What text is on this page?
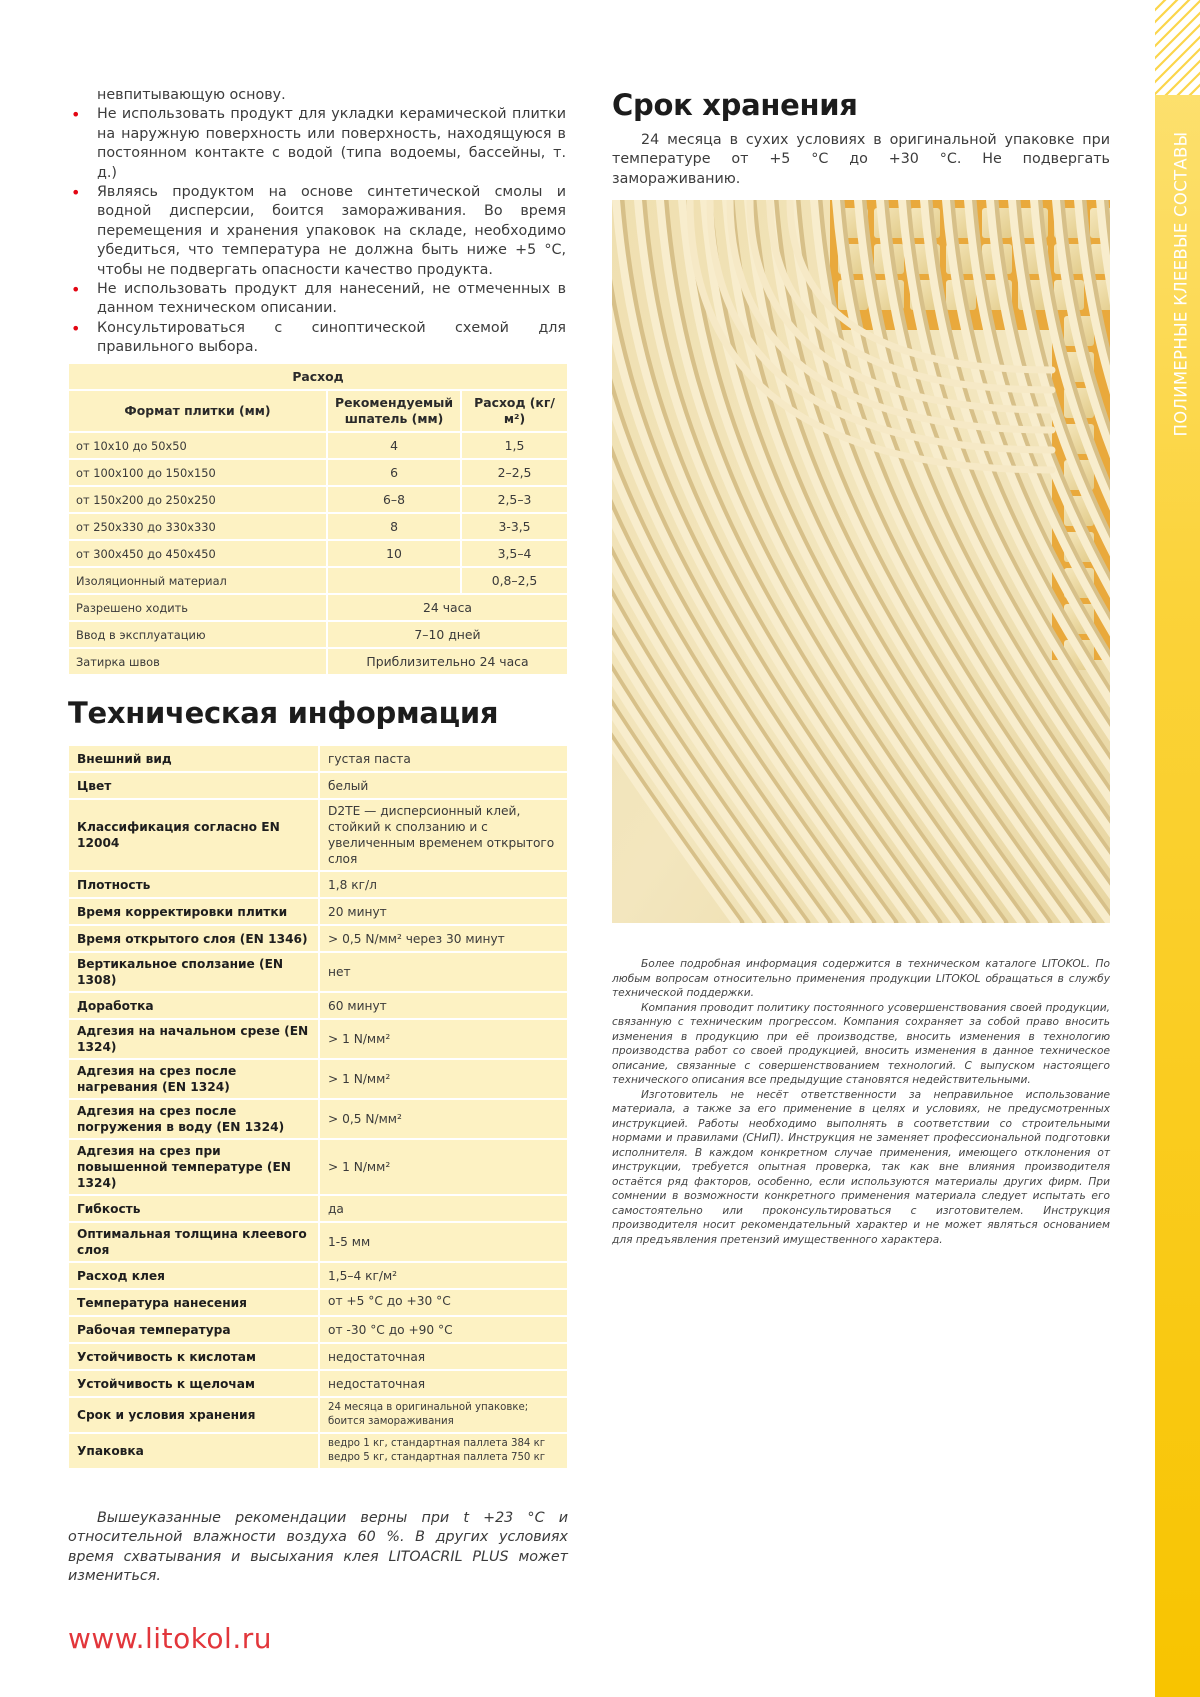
невпитывающую основу.
• Не использовать продукт для укладки керамической плитки на наружную поверхность или поверхность, находящуюся в постоянном контакте с водой (типа водоемы, бассейны, т. д.)
• Являясь продуктом на основе синтетической смолы и водной дисперсии, боится замораживания. Во время перемещения и хранения упаковок на складе, необходимо убедиться, что температура не должна быть ниже +5 °С, чтобы не подвергать опасности качество продукта.
• Не использовать продукт для нанесений, не отмеченных в данном техническом описании.
• Консультироваться с синоптической схемой для правильного выбора.
Расход		
Формат плитки (мм)	Рекомендуемый шпатель (мм)	Расход (кг/м²)
от 10х10 до 50х50	4	1,5
от 100х100 до 150х150	6	2–2,5
от 150х200 до 250х250	6–8	2,5–3
от 250х330 до 330х330	8	3-3,5
от 300х450 до 450х450	10	3,5–4
Изоляционный материал		0,8–2,5
Разрешено ходить	24 часа	
Ввод в эксплуатацию	7–10 дней	
Затирка швов	Приблизительно 24 часа	
Техническая информация
Внешний вид	густая паста
Цвет	белый
Классификация согласно EN 12004	D2TE — дисперсионный клей, стойкий к сползанию и с увеличенным временем открытого слоя
Плотность	1,8 кг/л
Время корректировки плитки	20 минут
Время открытого слоя (EN 1346)	> 0,5 N/мм² через 30 минут
Вертикальное сползание (EN 1308)	нет
Доработка	60 минут
Адгезия на начальном срезе (EN 1324)	> 1 N/мм²
Адгезия на срез после нагревания (EN 1324)	> 1 N/мм²
Адгезия на срез после погружения в воду (EN 1324)	> 0,5 N/мм²
Адгезия на срез при повышенной температуре (EN 1324)	> 1 N/мм²
Гибкость	да
Оптимальная толщина клеевого слоя	1-5 мм
Расход клея	1,5–4 кг/м²
Температура нанесения	от +5 °С до +30 °С
Рабочая температура	от -30 °С до +90 °С
Устойчивость к кислотам	недостаточная
Устойчивость к щелочам	недостаточная
Срок и условия хранения	24 месяца в оригинальной упаковке; боится замораживания
Упаковка	ведро 1 кг, стандартная паллета 384 кг
ведро 5 кг, стандартная паллета 750 кг
Вышеуказанные рекомендации верны при t +23 °С и относительной влажности воздуха 60 %. В других условиях время схватывания и высыхания клея LITOACRIL PLUS может измениться.
www.litokol.ru
Срок хранения
24 месяца в сухих условиях в оригинальной упаковке при температуре от +5 °С до +30 °С. Не подвергать замораживанию.

Более подробная информация содержится в техническом каталоге LITOKOL. По любым вопросам относительно применения продукции LITOKOL обращаться в службу технической поддержки.

Компания проводит политику постоянного усовершенствования своей продукции, связанную с техническим прогрессом. Компания сохраняет за собой право вносить изменения в продукцию при её производстве, вносить изменения в технологию производства работ со своей продукцией, вносить изменения в данное техническое описание, связанные с совершенствованием технологий. С выпуском настоящего технического описания все предыдущие становятся недействительными.

Изготовитель не несёт ответственности за неправильное использование материала, а также за его применение в целях и условиях, не предусмотренных инструкцией. Работы необходимо выполнять в соответствии со строительными нормами и правилами (СНиП). Инструкция не заменяет профессиональной подготовки исполнителя. В каждом конкретном случае применения, имеющего отклонения от инструкции, требуется опытная проверка, так как вне влияния производителя остаётся ряд факторов, особенно, если используются материалы других фирм. При сомнении в возможности конкретного применения материала следует испытать его самостоятельно или проконсультироваться с изготовителем. Инструкция производителя носит рекомендательный характер и не может являться основанием для предъявления претензий имущественного характера.

ПОЛИМЕРНЫЕ КЛЕЕВЫЕ СОСТАВЫ
